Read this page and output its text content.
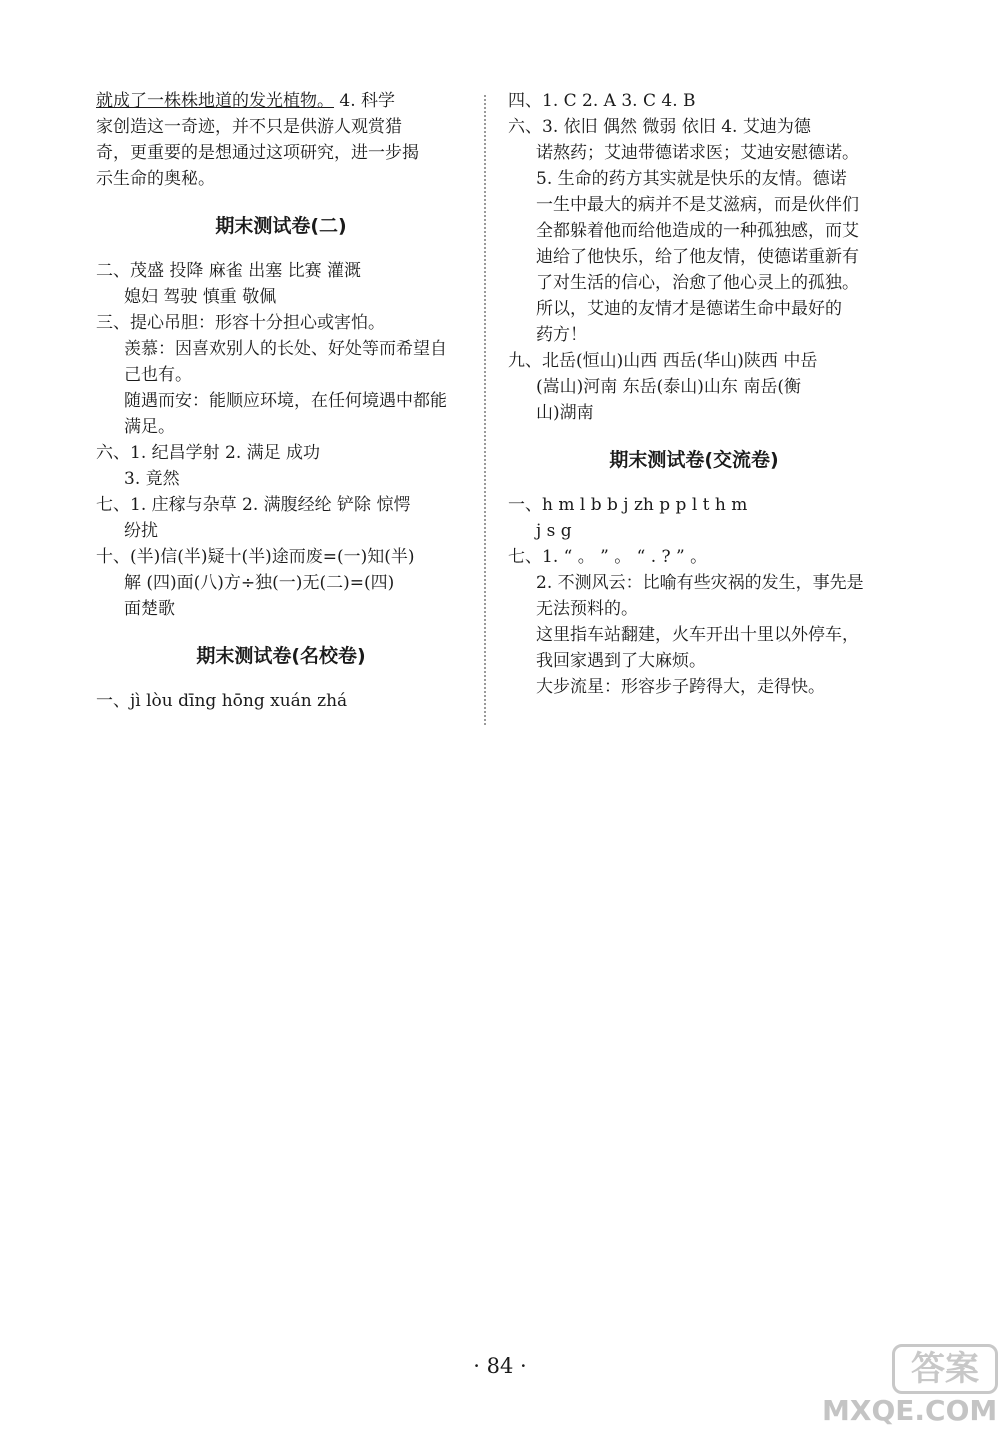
就成了一株株地道的发光植物。 4. 科学
家创造这一奇迹，并不只是供游人观赏猎
奇，更重要的是想通过这项研究，进一步揭
示生命的奥秘。
期末测试卷(二)
二、茂盛 投降 麻雀 出塞 比赛 灌溉
媳妇 驾驶 慎重 敬佩
三、提心吊胆：形容十分担心或害怕。
羡慕：因喜欢别人的长处、好处等而希望自
己也有。
随遇而安：能顺应环境，在任何境遇中都能
满足。
六、1. 纪昌学射 2. 满足 成功
3. 竟然
七、1. 庄稼与杂草 2. 满腹经纶 铲除 惊愕
纷扰
十、(半)信(半)疑十(半)途而废=(一)知(半)
解 (四)面(八)方÷独(一)无(二)=(四)
面楚歌
期末测试卷(名校卷)
一、jì lòu dīng hōng xuán zhá
四、1. C 2. A 3. C 4. B
六、3. 依旧 偶然 微弱 依旧 4. 艾迪为德
诺熬药；艾迪带德诺求医；艾迪安慰德诺。
5. 生命的药方其实就是快乐的友情。德诺
一生中最大的病并不是艾滋病，而是伙伴们
全都躲着他而给他造成的一种孤独感，而艾
迪给了他快乐，给了他友情，使德诺重新有
了对生活的信心，治愈了他心灵上的孤独。
所以，艾迪的友情才是德诺生命中最好的
药方！
九、北岳(恒山)山西 西岳(华山)陕西 中岳
(嵩山)河南 东岳(泰山)山东 南岳(衡
山)湖南
期末测试卷(交流卷)
一、h m l b b j zh p p l t h m
j s g
七、1. “ 。 ” 。 “ . ? ” 。
2. 不测风云：比喻有些灾祸的发生，事先是
无法预料的。
这里指车站翻建，火车开出十里以外停车，
我回家遇到了大麻烦。
大步流星：形容步子跨得大，走得快。
· 84 ·	答案
MXQE.COM
